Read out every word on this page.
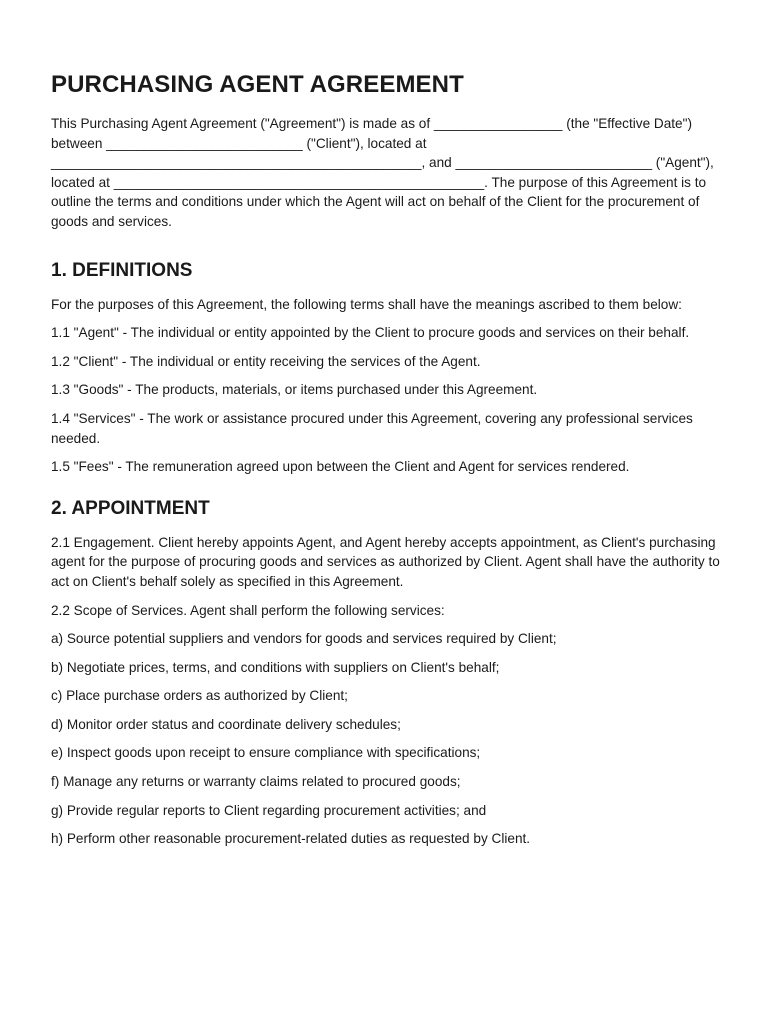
PURCHASING AGENT AGREEMENT

This Purchasing Agent Agreement ("Agreement") is made as of _________________ (the "Effective Date") between __________________________ ("Client"), located at _________________________________________________, and __________________________ ("Agent"), located at _________________________________________________. The purpose of this Agreement is to outline the terms and conditions under which the Agent will act on behalf of the Client for the procurement of goods and services.

1. DEFINITIONS

For the purposes of this Agreement, the following terms shall have the meanings ascribed to them below:

1.1 "Agent" - The individual or entity appointed by the Client to procure goods and services on their behalf.

1.2 "Client" - The individual or entity receiving the services of the Agent.

1.3 "Goods" - The products, materials, or items purchased under this Agreement.

1.4 "Services" - The work or assistance procured under this Agreement, covering any professional services needed.

1.5 "Fees" - The remuneration agreed upon between the Client and Agent for services rendered.

2. APPOINTMENT

2.1 Engagement. Client hereby appoints Agent, and Agent hereby accepts appointment, as Client's purchasing agent for the purpose of procuring goods and services as authorized by Client. Agent shall have the authority to act on Client's behalf solely as specified in this Agreement.

2.2 Scope of Services. Agent shall perform the following services:

a) Source potential suppliers and vendors for goods and services required by Client;

b) Negotiate prices, terms, and conditions with suppliers on Client's behalf;

c) Place purchase orders as authorized by Client;

d) Monitor order status and coordinate delivery schedules;

e) Inspect goods upon receipt to ensure compliance with specifications;

f) Manage any returns or warranty claims related to procured goods;

g) Provide regular reports to Client regarding procurement activities; and

h) Perform other reasonable procurement-related duties as requested by Client.
